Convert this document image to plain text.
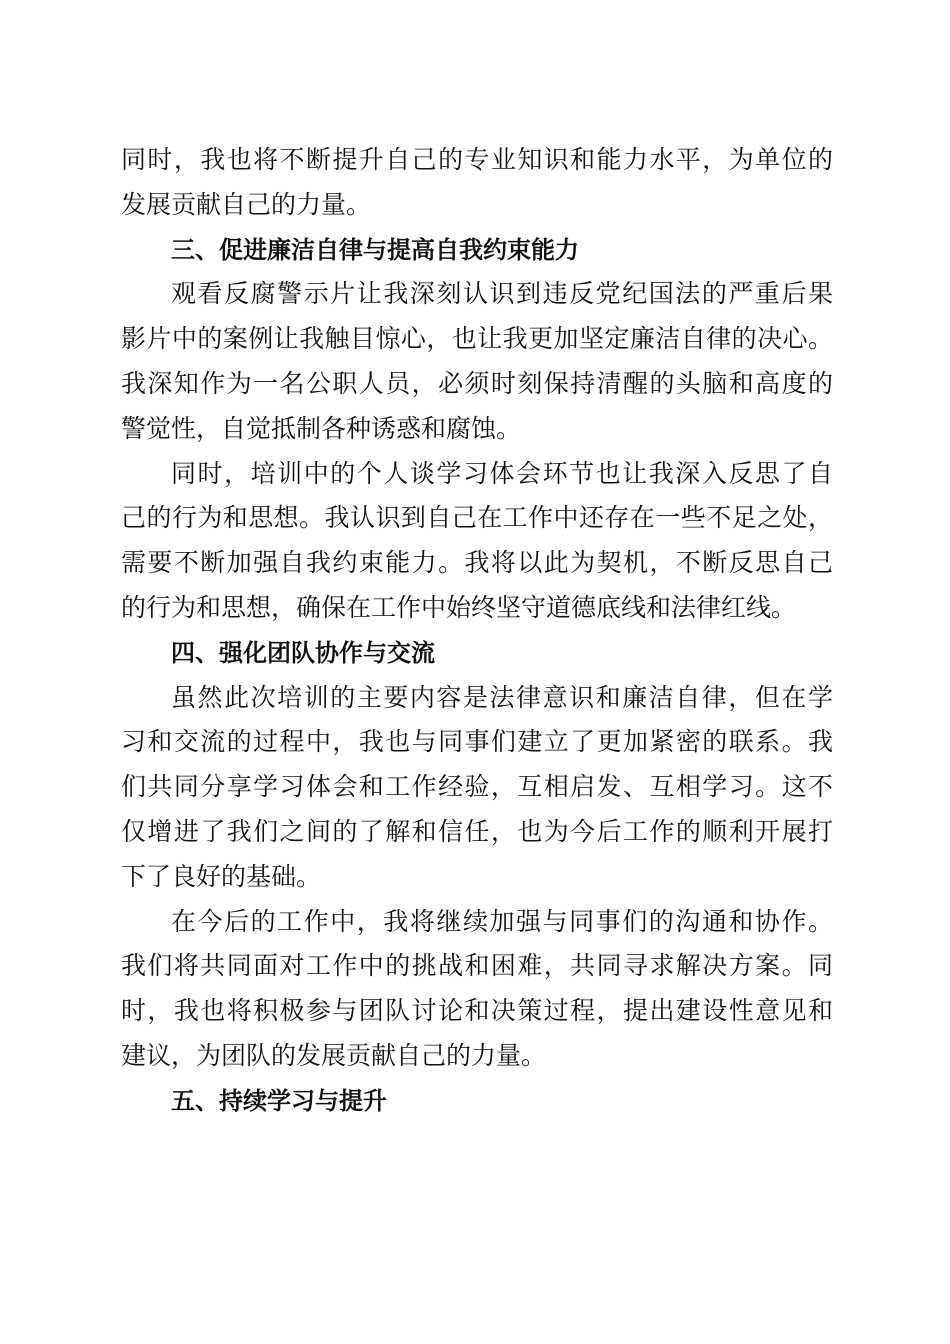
同时，我也将不断提升自己的专业知识和能力水平，为单位的
发展贡献自己的力量。
三、促进廉洁自律与提高自我约束能力
观看反腐警示片让我深刻认识到违反党纪国法的严重后果
影片中的案例让我触目惊心，也让我更加坚定廉洁自律的决心。
我深知作为一名公职人员，必须时刻保持清醒的头脑和高度的
警觉性，自觉抵制各种诱惑和腐蚀。
同时，培训中的个人谈学习体会环节也让我深入反思了自
己的行为和思想。我认识到自己在工作中还存在一些不足之处，
需要不断加强自我约束能力。我将以此为契机，不断反思自己
的行为和思想，确保在工作中始终坚守道德底线和法律红线。
四、强化团队协作与交流
虽然此次培训的主要内容是法律意识和廉洁自律，但在学
习和交流的过程中，我也与同事们建立了更加紧密的联系。我
们共同分享学习体会和工作经验，互相启发、互相学习。这不
仅增进了我们之间的了解和信任，也为今后工作的顺利开展打
下了良好的基础。
在今后的工作中，我将继续加强与同事们的沟通和协作。
我们将共同面对工作中的挑战和困难，共同寻求解决方案。同
时，我也将积极参与团队讨论和决策过程，提出建设性意见和
建议，为团队的发展贡献自己的力量。
五、持续学习与提升
